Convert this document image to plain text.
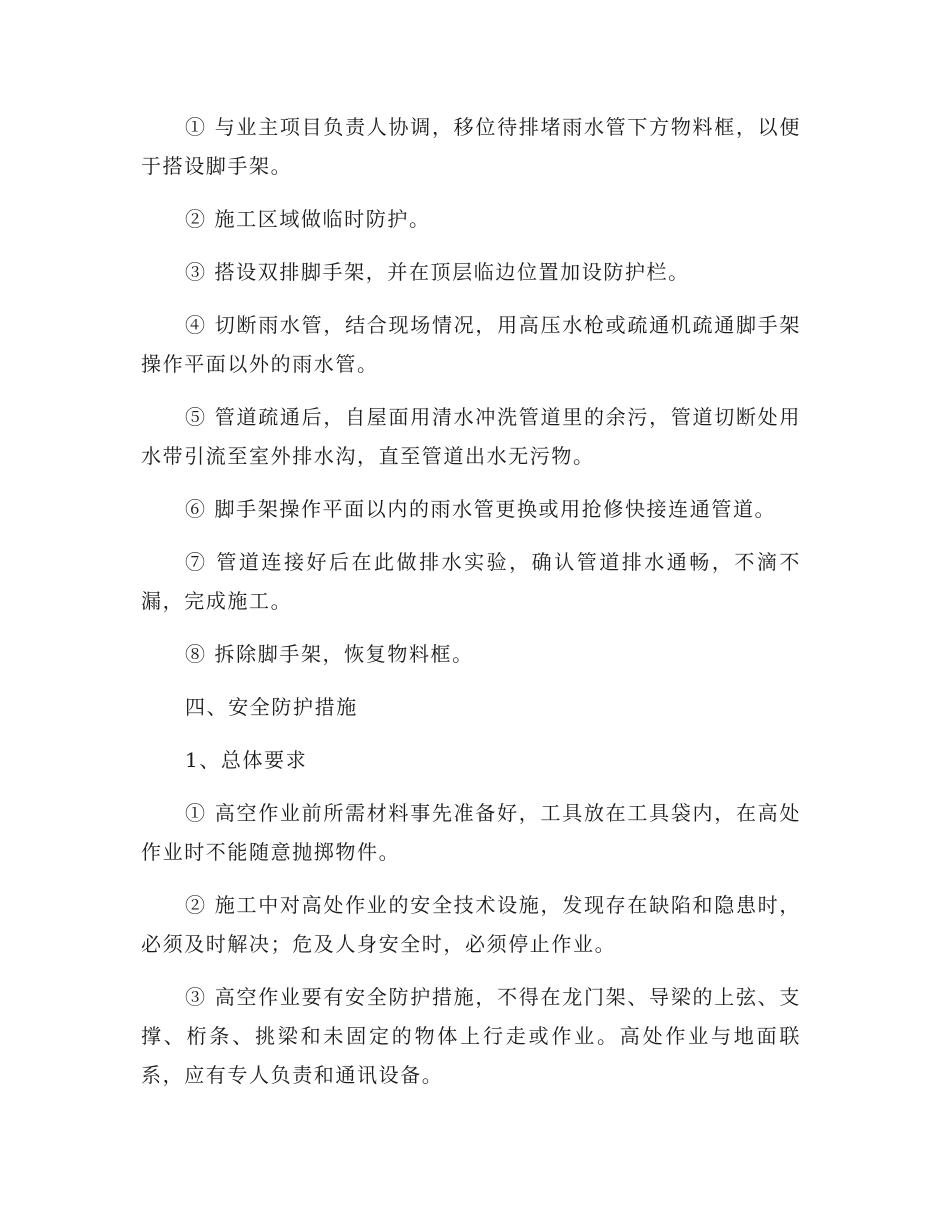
① 与业主项目负责人协调，移位待排堵雨水管下方物料框，以便于搭设脚手架。

② 施工区域做临时防护。

③ 搭设双排脚手架，并在顶层临边位置加设防护栏。

④ 切断雨水管，结合现场情况，用高压水枪或疏通机疏通脚手架操作平面以外的雨水管。

⑤ 管道疏通后，自屋面用清水冲洗管道里的余污，管道切断处用水带引流至室外排水沟，直至管道出水无污物。

⑥ 脚手架操作平面以内的雨水管更换或用抢修快接连通管道。

⑦ 管道连接好后在此做排水实验，确认管道排水通畅，不滴不漏，完成施工。

⑧ 拆除脚手架，恢复物料框。

四、安全防护措施

1、总体要求

① 高空作业前所需材料事先准备好，工具放在工具袋内，在高处作业时不能随意抛掷物件。

② 施工中对高处作业的安全技术设施，发现存在缺陷和隐患时，必须及时解决；危及人身安全时，必须停止作业。

③ 高空作业要有安全防护措施，不得在龙门架、导梁的上弦、支撑、桁条、挑梁和未固定的物体上行走或作业。高处作业与地面联系，应有专人负责和通讯设备。
